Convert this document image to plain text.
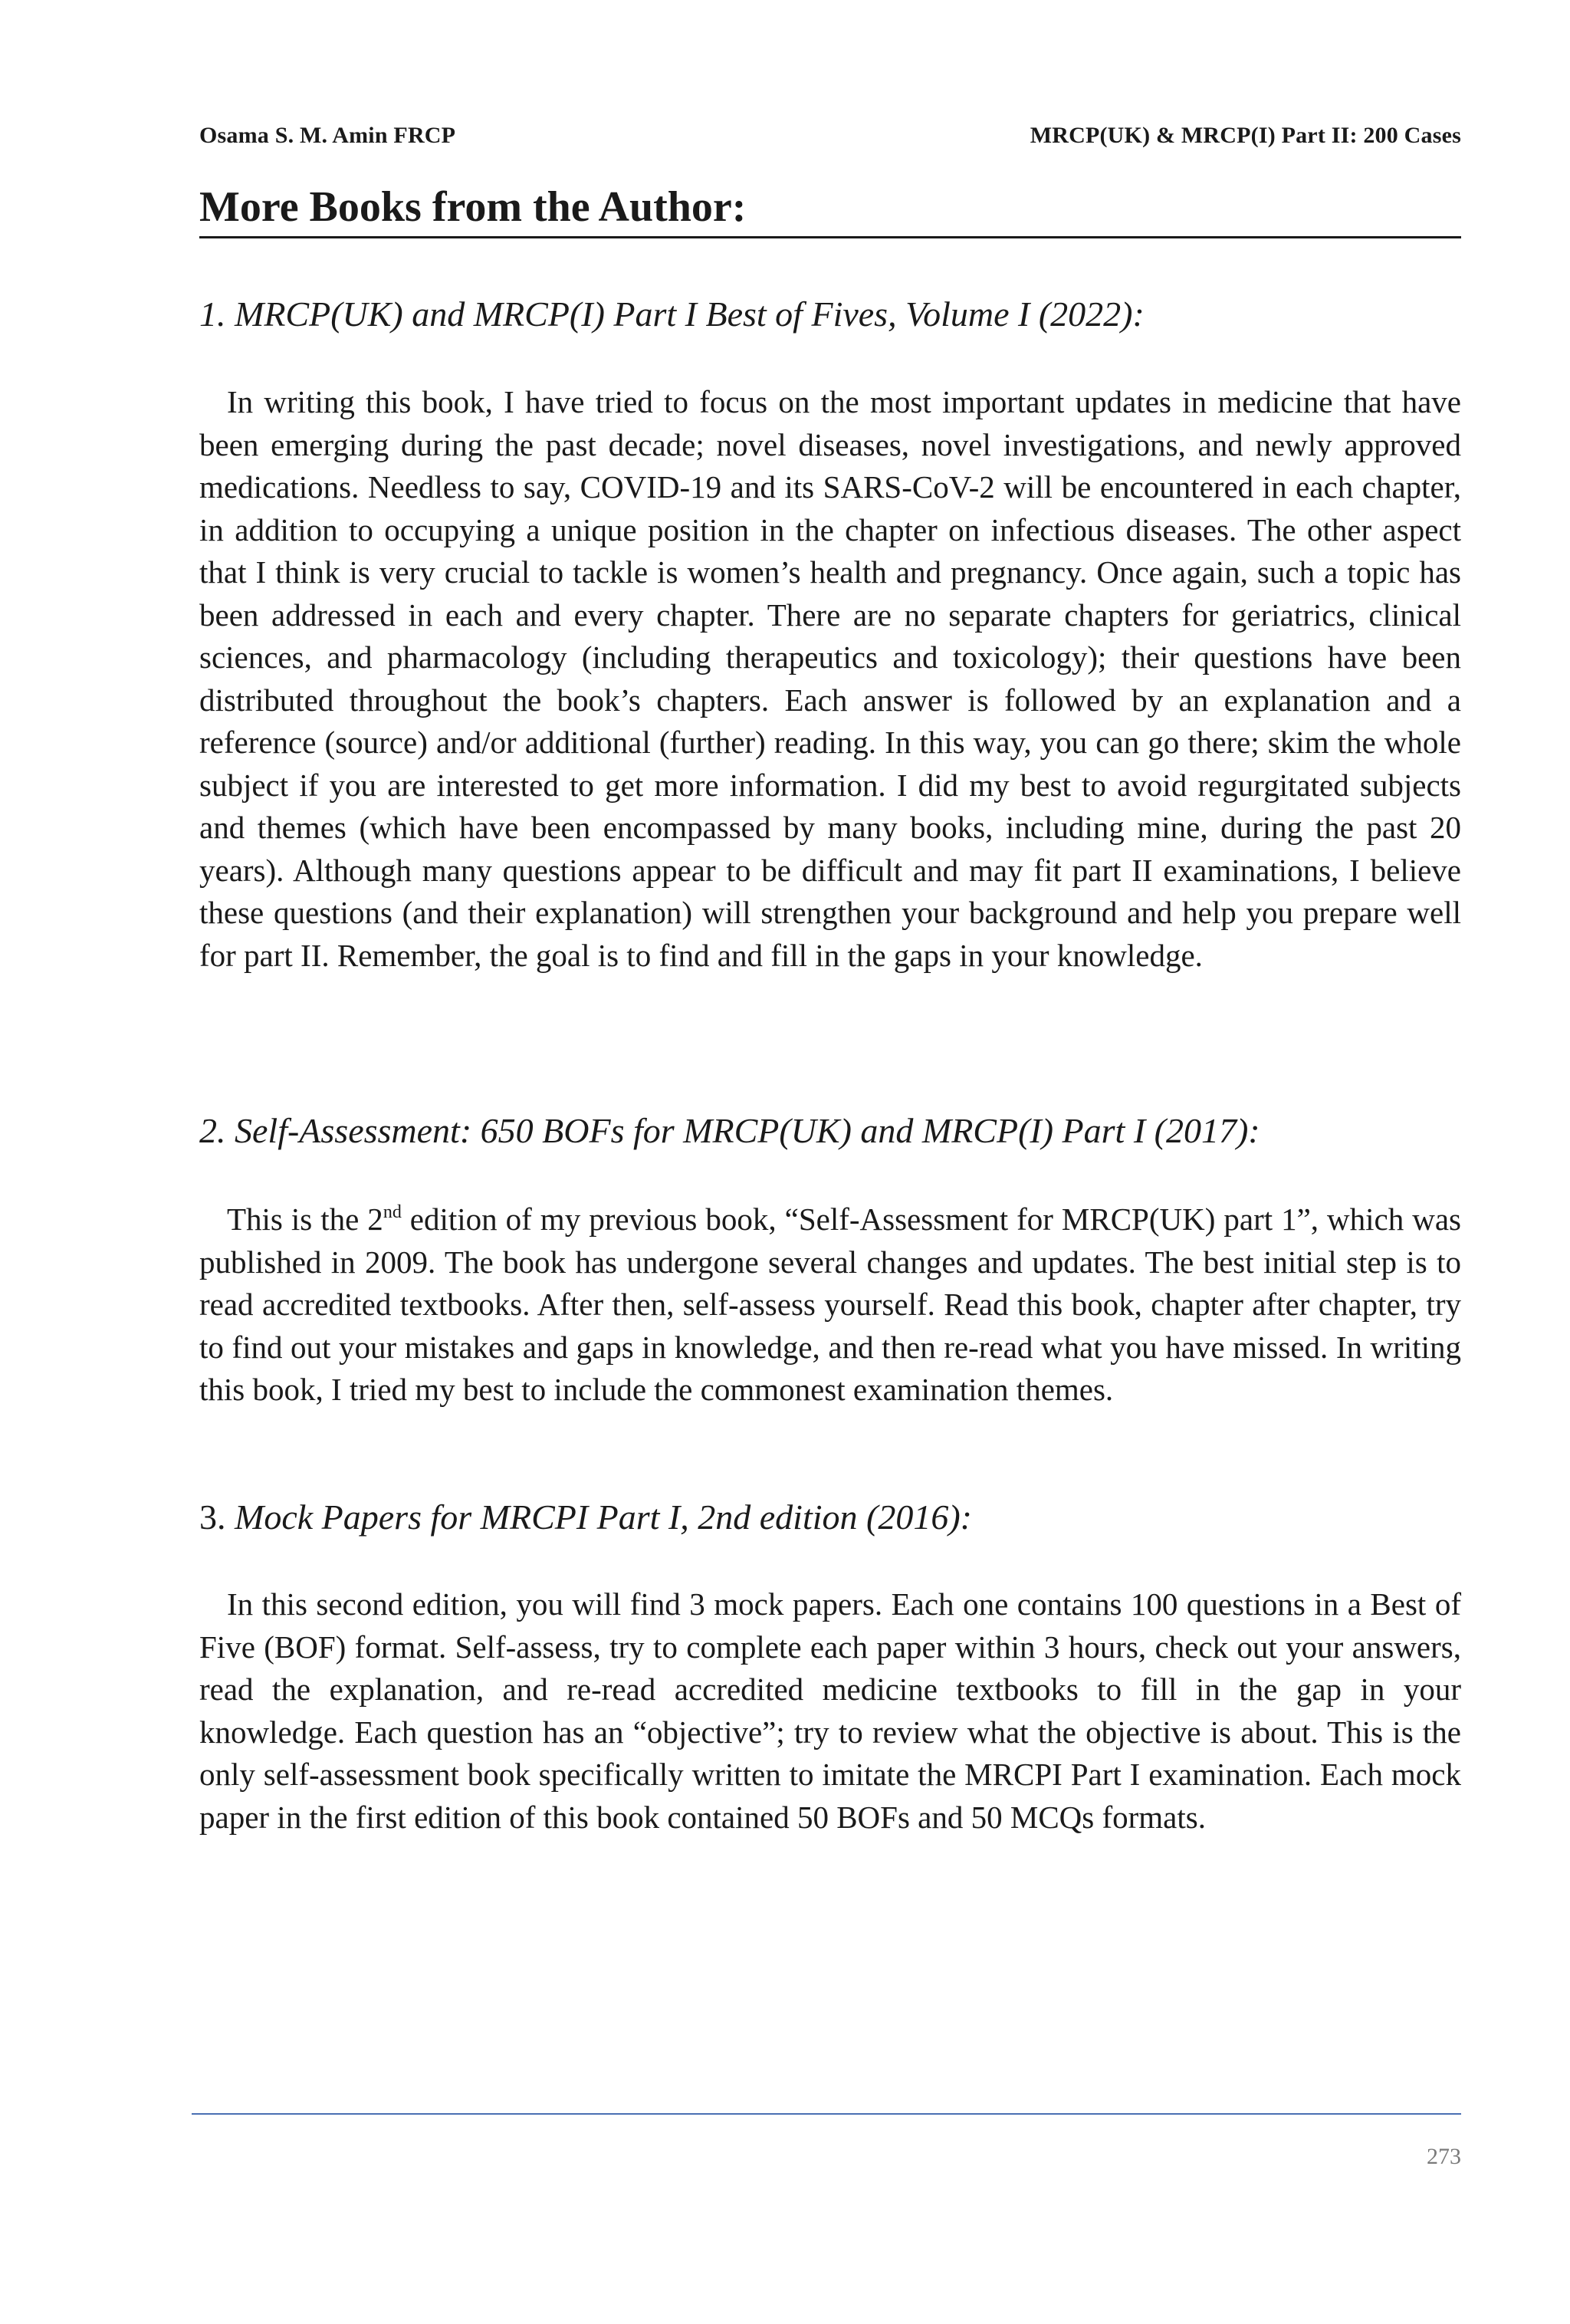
Osama S. M. Amin FRCP	MRCP(UK) & MRCP(I) Part II: 200 Cases
More Books from the Author:
1. MRCP(UK) and MRCP(I) Part I Best of Fives, Volume I (2022):

In writing this book, I have tried to focus on the most important updates in medicine that have been emerging during the past decade; novel diseases, novel investigations, and newly approved medications. Needless to say, COVID-19 and its SARS-CoV-2 will be encountered in each chapter, in addition to occupying a unique position in the chapter on infectious diseases. The other aspect that I think is very crucial to tackle is women’s health and pregnancy. Once again, such a topic has been addressed in each and every chapter. There are no separate chapters for geriatrics, clinical sciences, and pharmacology (including therapeutics and toxicology); their questions have been distributed throughout the book’s chapters. Each answer is followed by an explanation and a reference (source) and/or additional (further) reading. In this way, you can go there; skim the whole subject if you are interested to get more information. I did my best to avoid regurgitated subjects and themes (which have been encompassed by many books, including mine, during the past 20 years). Although many questions appear to be difficult and may fit part II examinations, I believe these questions (and their explanation) will strengthen your background and help you prepare well for part II. Remember, the goal is to find and fill in the gaps in your knowledge.

2. Self-Assessment: 650 BOFs for MRCP(UK) and MRCP(I) Part I (2017):

This is the 2nd edition of my previous book, “Self-Assessment for MRCP(UK) part 1”, which was published in 2009. The book has undergone several changes and updates. The best initial step is to read accredited textbooks. After then, self-assess yourself. Read this book, chapter after chapter, try to find out your mistakes and gaps in knowledge, and then re-read what you have missed. In writing this book, I tried my best to include the commonest examination themes.

3. Mock Papers for MRCPI Part I, 2nd edition (2016):

In this second edition, you will find 3 mock papers. Each one contains 100 questions in a Best of Five (BOF) format. Self-assess, try to complete each paper within 3 hours, check out your answers, read the explanation, and re-read accredited medicine textbooks to fill in the gap in your knowledge. Each question has an “objective”; try to review what the objective is about. This is the only self-assessment book specifically written to imitate the MRCPI Part I examination. Each mock paper in the first edition of this book contained 50 BOFs and 50 MCQs formats.

273
